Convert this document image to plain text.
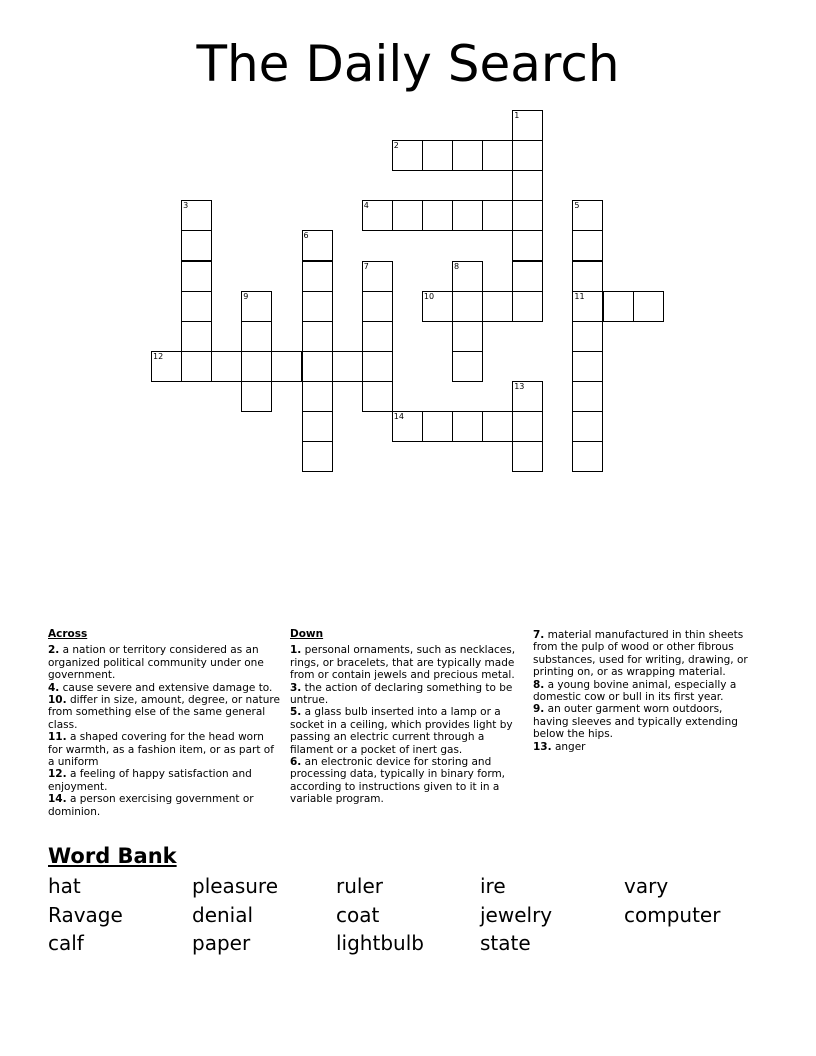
The Daily Search
1
2
3	4	5
6
7	8
9	10	11
12
13
14
Across

2. a nation or territory considered as an organized political community under one government.

4. cause severe and extensive damage to.

10. differ in size, amount, degree, or nature from something else of the same general class.

11. a shaped covering for the head worn for warmth, as a fashion item, or as part of a uniform

12. a feeling of happy satisfaction and enjoyment.

14. a person exercising government or dominion.

Down

1. personal ornaments, such as necklaces, rings, or bracelets, that are typically made from or contain jewels and precious metal.

3. the action of declaring something to be untrue.

5. a glass bulb inserted into a lamp or a socket in a ceiling, which provides light by passing an electric current through a filament or a pocket of inert gas.

6. an electronic device for storing and processing data, typically in binary form, according to instructions given to it in a variable program.

7. material manufactured in thin sheets from the pulp of wood or other fibrous substances, used for writing, drawing, or printing on, or as wrapping material.

8. a young bovine animal, especially a domestic cow or bull in its first year.

9. an outer garment worn outdoors, having sleeves and typically extending below the hips.

13. anger

Word Bank
hat	pleasure	ruler	ire	vary
Ravage	denial	coat	jewelry	computer
calf	paper	lightbulb	state
